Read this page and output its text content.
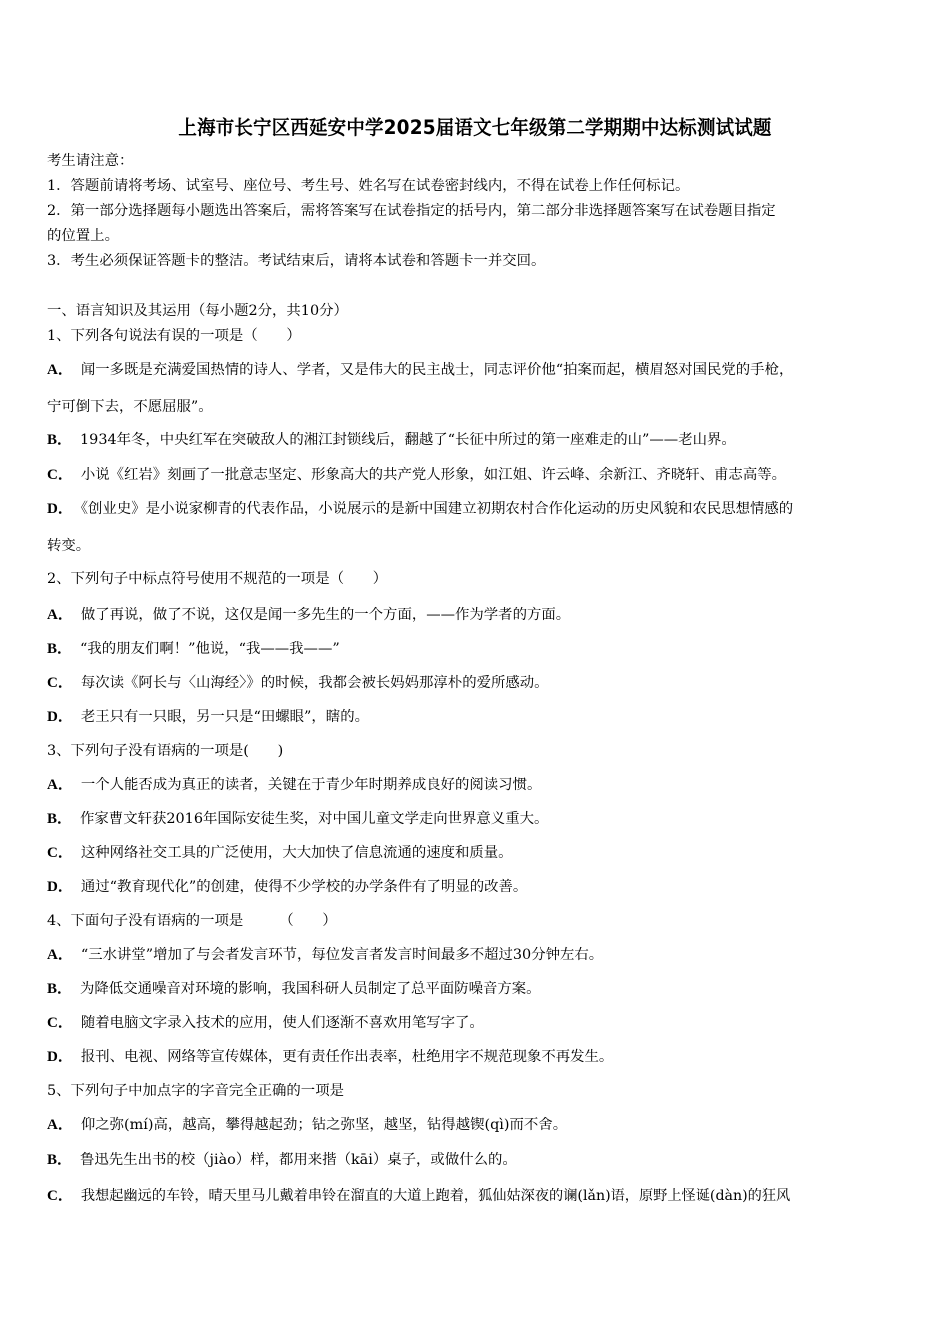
上海市长宁区西延安中学2025届语文七年级第二学期期中达标测试试题
考生请注意：
1．答题前请将考场、试室号、座位号、考生号、姓名写在试卷密封线内，不得在试卷上作任何标记。
2．第一部分选择题每小题选出答案后，需将答案写在试卷指定的括号内，第二部分非选择题答案写在试卷题目指定
的位置上。
3．考生必须保证答题卡的整洁。考试结束后，请将本试卷和答题卡一并交回。
一、语言知识及其运用（每小题2分，共10分）
1、下列各句说法有误的一项是（　　）
A． 闻一多既是充满爱国热情的诗人、学者，又是伟大的民主战士，同志评价他“拍案而起，横眉怒对国民党的手枪，
宁可倒下去，不愿屈服”。
B． 1934年冬，中央红军在突破敌人的湘江封锁线后，翻越了“长征中所过的第一座难走的山”——老山界。
C． 小说《红岩》刻画了一批意志坚定、形象高大的共产党人形象，如江姐、许云峰、余新江、齐晓轩、甫志高等。
D． 《创业史》是小说家柳青的代表作品，小说展示的是新中国建立初期农村合作化运动的历史风貌和农民思想情感的
转变。
2、下列句子中标点符号使用不规范的一项是（　　）
A． 做了再说，做了不说，这仅是闻一多先生的一个方面，——作为学者的方面。
B． “我的朋友们啊！”他说，“我——我——”
C． 每次读《阿长与〈山海经〉》的时候，我都会被长妈妈那淳朴的爱所感动。
D． 老王只有一只眼，另一只是“田螺眼”，瞎的。
3、下列句子没有语病的一项是(　　)
A． 一个人能否成为真正的读者，关键在于青少年时期养成良好的阅读习惯。
B． 作家曹文轩获2016年国际安徒生奖，对中国儿童文学走向世界意义重大。
C． 这种网络社交工具的广泛使用，大大加快了信息流通的速度和质量。
D． 通过“教育现代化”的创建，使得不少学校的办学条件有了明显的改善。
4、下面句子没有语病的一项是　　　（　　）
A． “三水讲堂”增加了与会者发言环节，每位发言者发言时间最多不超过30分钟左右。
B． 为降低交通噪音对环境的影响，我国科研人员制定了总平面防噪音方案。
C． 随着电脑文字录入技术的应用，使人们逐渐不喜欢用笔写字了。
D． 报刊、电视、网络等宣传媒体，更有责任作出表率，杜绝用字不规范现象不再发生。
5、下列句子中加点字的字音完全正确的一项是
A． 仰之弥(mí)高，越高，攀得越起劲；钻之弥坚，越坚，钻得越锲(qì)而不舍。
B． 鲁迅先生出书的校（jiào）样，都用来揩（kāi）桌子，或做什么的。
C． 我想起幽远的车铃，晴天里马儿戴着串铃在溜直的大道上跑着，狐仙姑深夜的谰(lǎn)语，原野上怪诞(dàn)的狂风
